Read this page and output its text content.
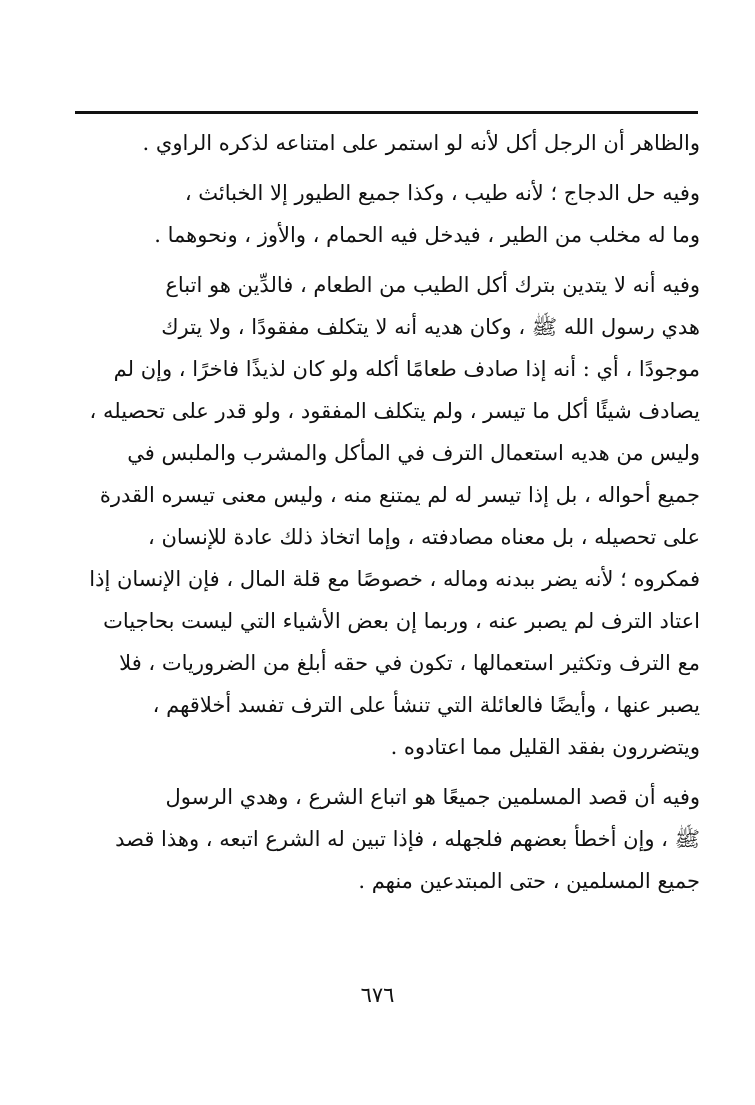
والظاهر أن الرجل أكل لأنه لو استمر على امتناعه لذكره الراوي .
وفيه حل الدجاج ؛ لأنه طيب ، وكذا جميع الطيور إلا الخبائث ،
وما له مخلب من الطير ، فيدخل فيه الحمام ، والأوز ، ونحوهما .
وفيه أنه لا يتدين بترك أكل الطيب من الطعام ، فالدِّين هو اتباع
هدي رسول الله ﷺ ، وكان هديه أنه لا يتكلف مفقودًا ، ولا يترك
موجودًا ، أي : أنه إذا صادف طعامًا أكله ولو كان لذيذًا فاخرًا ، وإن لم
يصادف شيئًا أكل ما تيسر ، ولم يتكلف المفقود ، ولو قدر على تحصيله ،
وليس من هديه استعمال الترف في المأكل والمشرب والملبس في
جميع أحواله ، بل إذا تيسر له لم يمتنع منه ، وليس معنى تيسره القدرة
على تحصيله ، بل معناه مصادفته ، وإما اتخاذ ذلك عادة للإنسان ،
فمكروه ؛ لأنه يضر ببدنه وماله ، خصوصًا مع قلة المال ، فإن الإنسان إذا
اعتاد الترف لم يصبر عنه ، وربما إن بعض الأشياء التي ليست بحاجيات
مع الترف وتكثير استعمالها ، تكون في حقه أبلغ من الضروريات ، فلا
يصبر عنها ، وأيضًا فالعائلة التي تنشأ على الترف تفسد أخلاقهم ،
ويتضررون بفقد القليل مما اعتادوه .
وفيه أن قصد المسلمين جميعًا هو اتباع الشرع ، وهدي الرسول
ﷺ ، وإن أخطأ بعضهم فلجهله ، فإذا تبين له الشرع اتبعه ، وهذا قصد
جميع المسلمين ، حتى المبتدعين منهم .
٦٧٦
